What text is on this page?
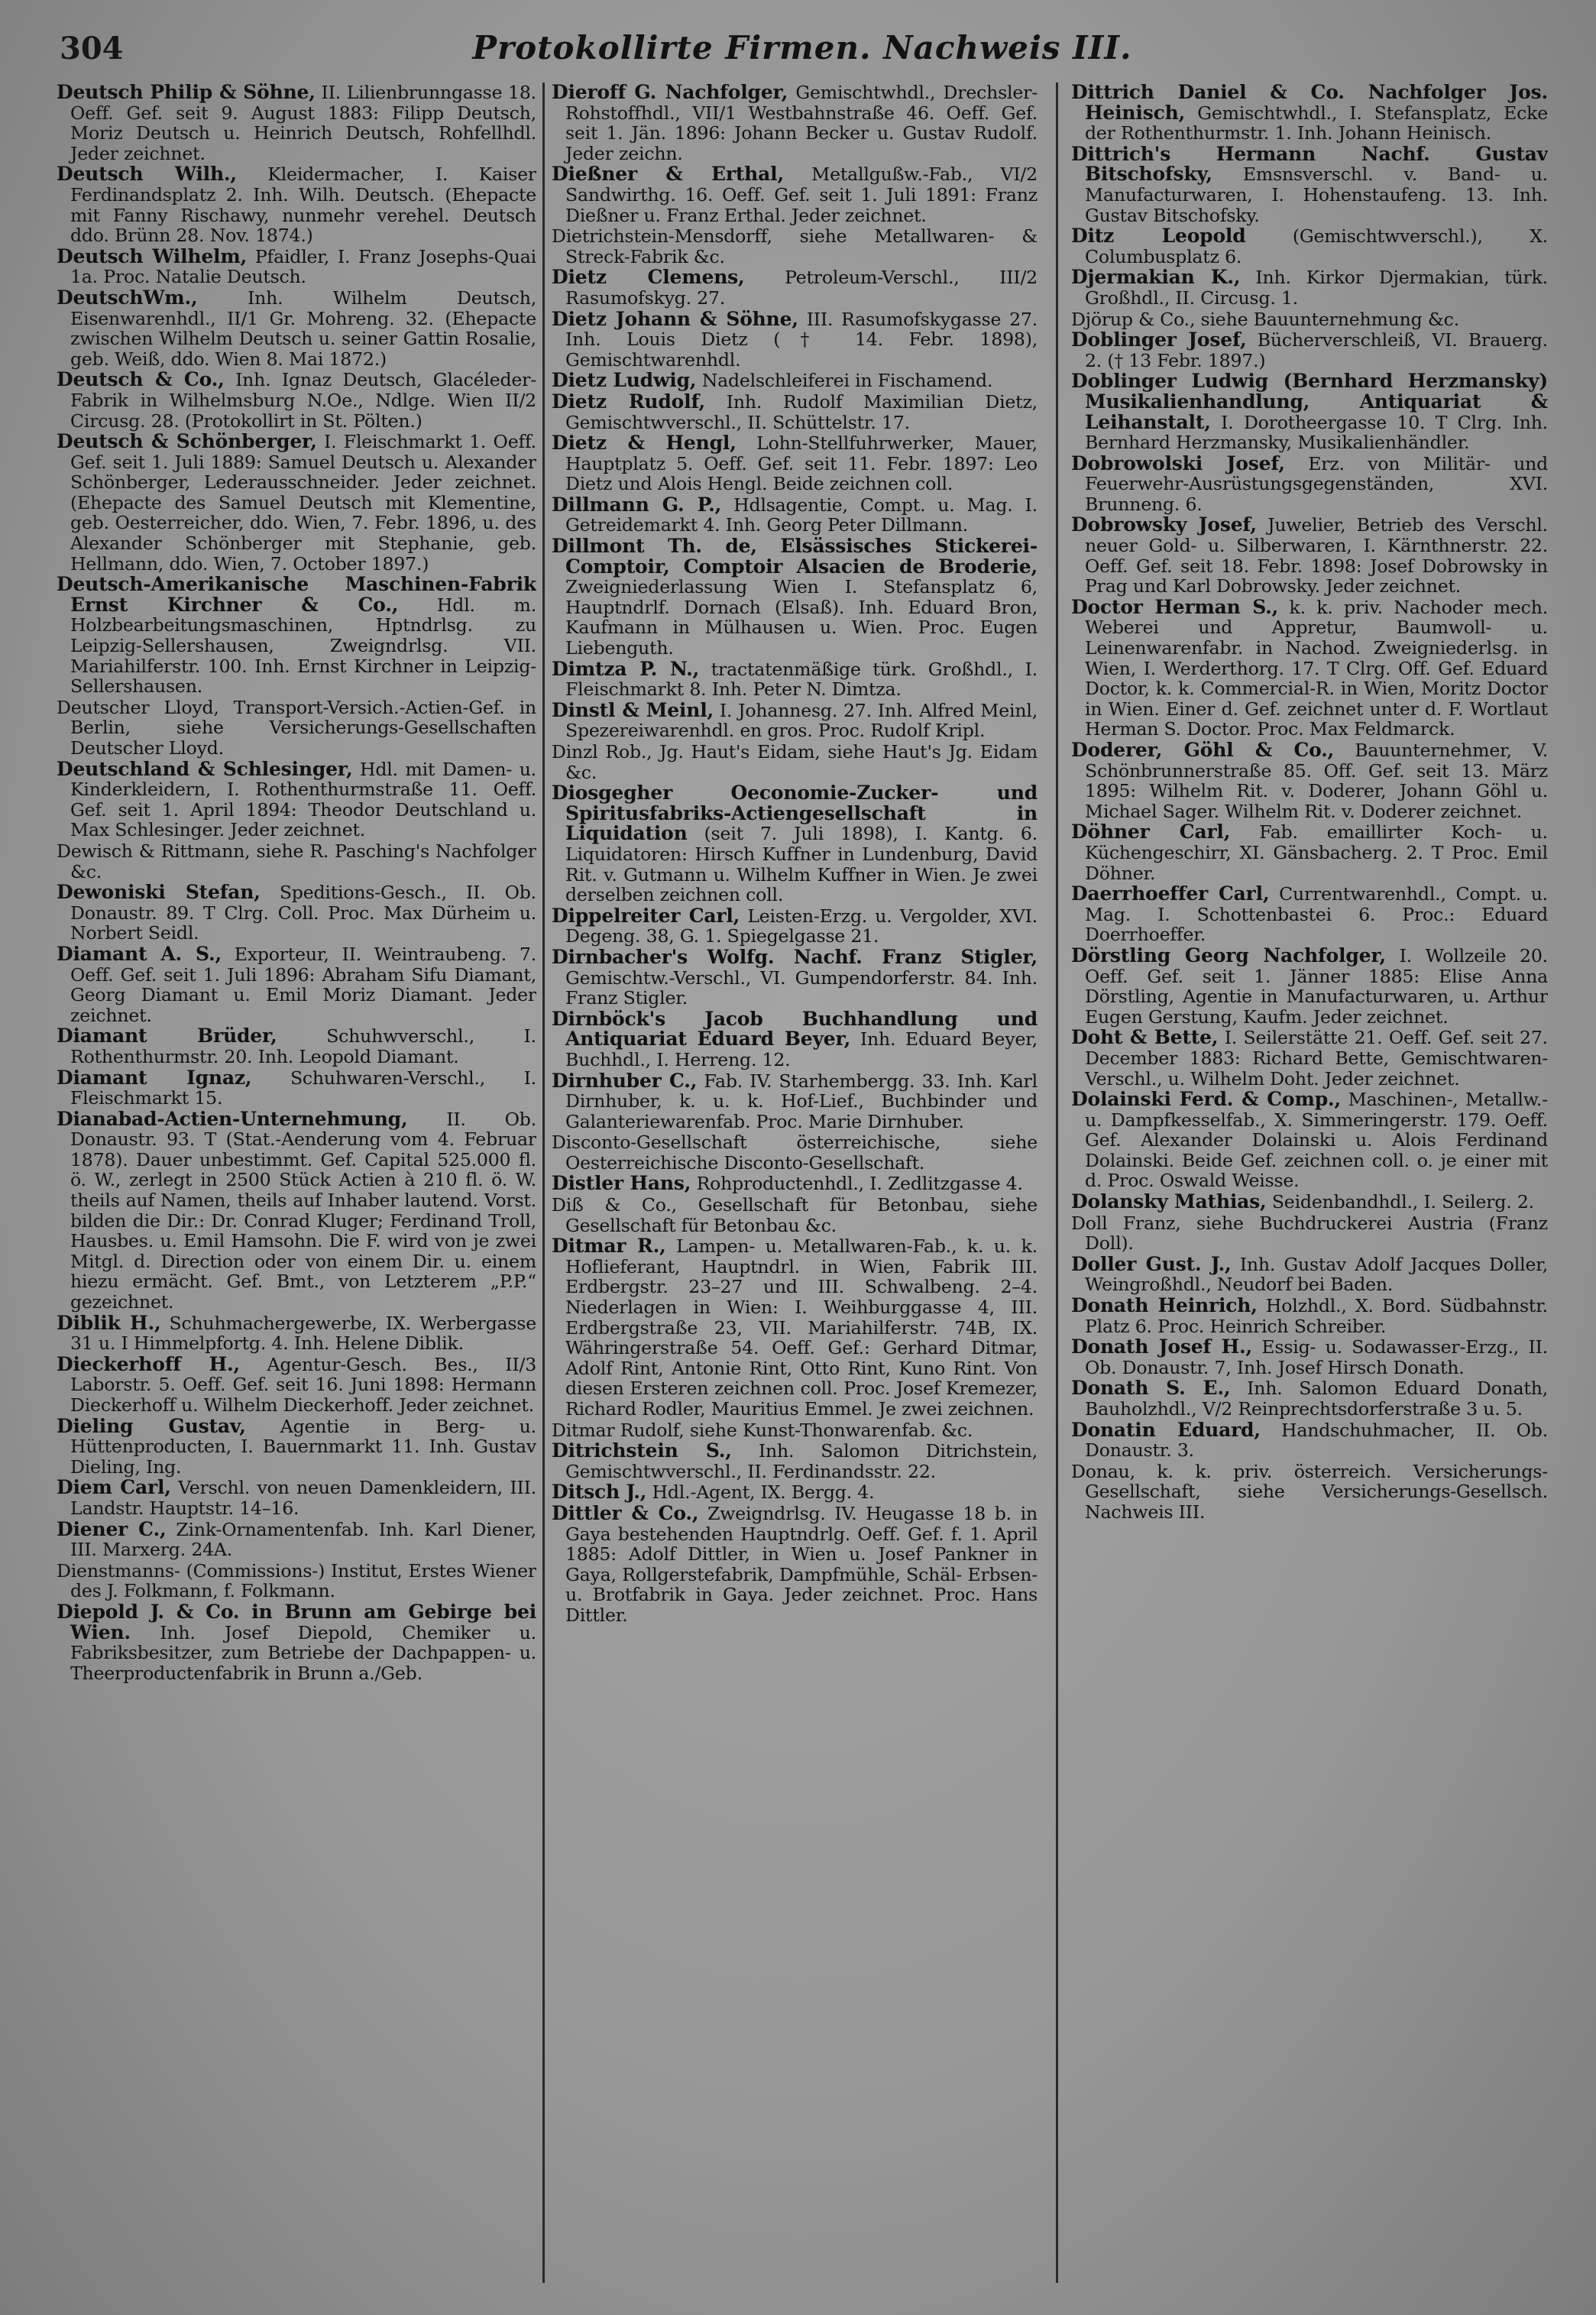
304	Protokollirte Firmen. Nachweis III.
Deutsch Philip & Söhne, II. Lilienbrunngasse 18. Oeff. Gef. seit 9. August 1883: Filipp Deutsch, Moriz Deutsch u. Heinrich Deutsch, Rohfellhdl. Jeder zeichnet.
Deutsch Wilh., Kleidermacher, I. Kaiser Ferdinandsplatz 2. Inh. Wilh. Deutsch. (Ehepacte mit Fanny Rischawy, nunmehr verehel. Deutsch ddo. Brünn 28. Nov. 1874.)
Deutsch Wilhelm, Pfaidler, I. Franz Josephs-Quai 1a. Proc. Natalie Deutsch.
DeutschWm.,	Inh. Wilhelm Deutsch, Eisenwarenhdl., II/1 Gr. Mohreng. 32. (Ehepacte zwischen Wilhelm Deutsch u. seiner Gattin Rosalie, geb. Weiß, ddo. Wien 8. Mai 1872.)
Deutsch & Co., Inh. Ignaz Deutsch, Glacéleder-Fabrik in Wilhelmsburg N.Oe., Ndlge. Wien II/2 Circusg. 28. (Protokollirt in St. Pölten.)
Deutsch & Schönberger, I. Fleischmarkt 1. Oeff. Gef. seit 1. Juli 1889: Samuel Deutsch u. Alexander Schönberger, Lederausschneider. Jeder zeichnet. (Ehepacte des Samuel Deutsch mit Klementine, geb. Oesterreicher, ddo. Wien, 7. Febr. 1896, u. des Alexander Schönberger mit Stephanie, geb. Hellmann, ddo. Wien, 7. October 1897.)
Deutsch-Amerikanische Maschinen-Fabrik Ernst Kirchner & Co., Hdl. m. Holzbearbeitungsmaschinen, Hptndrlsg. zu Leipzig-Sellershausen, Zweigndrlsg. VII. Mariahilferstr. 100. Inh. Ernst Kirchner in Leipzig-Sellershausen.
Deutscher Lloyd, Transport-Versich.-Actien-Gef. in Berlin, siehe Versicherungs-Gesellschaften Deutscher Lloyd.
Deutschland & Schlesinger, Hdl. mit Damen- u. Kinderkleidern, I. Rothenthurmstraße 11. Oeff. Gef. seit 1. April 1894: Theodor Deutschland u. Max Schlesinger. Jeder zeichnet.
Dewisch & Rittmann, siehe R. Pasching's Nachfolger &c.
Dewoniski Stefan, Speditions-Gesch., II. Ob. Donaustr. 89. T Clrg. Coll. Proc. Max Dürheim u. Norbert Seidl.
Diamant A. S., Exporteur, II. Weintraubeng. 7. Oeff. Gef. seit 1. Juli 1896: Abraham Sifu Diamant, Georg Diamant u. Emil Moriz Diamant. Jeder zeichnet.
Diamant Brüder,	Schuhwverschl., I. Rothenthurmstr. 20. Inh. Leopold Diamant.
Diamant Ignaz, Schuhwaren-Verschl., I. Fleischmarkt 15.
Dianabad-Actien-Unternehmung, II. Ob. Donaustr. 93. T (Stat.-Aenderung vom 4. Februar 1878). Dauer unbestimmt. Gef. Capital 525.000 fl. ö. W., zerlegt in 2500 Stück Actien à 210 fl. ö. W. theils auf Namen, theils auf Inhaber lautend. Vorst. bilden die Dir.: Dr. Conrad Kluger; Ferdinand Troll, Hausbes. u. Emil Hamsohn. Die F. wird von je zwei Mitgl. d. Direction oder von einem Dir. u. einem hiezu ermächt. Gef. Bmt., von Letzterem „P.P.“ gezeichnet.
Diblik H., Schuhmachergewerbe, IX. Werbergasse 31 u. I Himmelpfortg. 4. Inh. Helene Diblik.
Dieckerhoff H., Agentur-Gesch. Bes., II/3 Laborstr. 5. Oeff. Gef. seit 16. Juni 1898: Hermann Dieckerhoff u. Wilhelm Dieckerhoff. Jeder zeichnet.
Dieling Gustav, Agentie in Berg- u. Hüttenproducten, I. Bauernmarkt 11. Inh. Gustav Dieling, Ing.
Diem Carl, Verschl. von neuen Damenkleidern, III. Landstr. Hauptstr. 14–16.
Diener C., Zink-Ornamentenfab. Inh. Karl Diener, III. Marxerg. 24A.
Dienstmanns- (Commissions-) Institut, Erstes Wiener des J. Folkmann, f. Folkmann.
Diepold J. & Co. in Brunn am Gebirge bei Wien. Inh. Josef Diepold, Chemiker u. Fabriksbesitzer, zum Betriebe der Dachpappen- u. Theerproductenfabrik in Brunn a./Geb.
Dieroff G. Nachfolger, Gemischtwhdl., Drechsler-Rohstoffhdl., VII/1 Westbahnstraße 46. Oeff. Gef. seit 1. Jän. 1896: Johann Becker u. Gustav Rudolf. Jeder zeichn.
Dießner & Erthal, Metallgußw.-Fab., VI/2 Sandwirthg. 16. Oeff. Gef. seit 1. Juli 1891: Franz Dießner u. Franz Erthal. Jeder zeichnet.
Dietrichstein-Mensdorff, siehe Metallwaren- & Streck-Fabrik &c.
Dietz Clemens, Petroleum-Verschl., III/2 Rasumofskyg. 27.
Dietz Johann & Söhne, III. Rasumofskygasse 27. Inh. Louis Dietz († 14. Febr. 1898), Gemischtwarenhdl.
Dietz Ludwig, Nadelschleiferei in Fischamend.
Dietz Rudolf, Inh. Rudolf Maximilian Dietz, Gemischtwverschl., II. Schüttelstr. 17.
Dietz & Hengl, Lohn-Stellfuhrwerker, Mauer, Hauptplatz 5. Oeff. Gef. seit 11. Febr. 1897: Leo Dietz und Alois Hengl. Beide zeichnen coll.
Dillmann G. P., Hdlsagentie, Compt. u. Mag. I. Getreidemarkt 4. Inh. Georg Peter Dillmann.
Dillmont Th. de, Elsässisches Stickerei-Comptoir, Comptoir Alsacien de Broderie, Zweigniederlassung Wien I. Stefansplatz 6, Hauptndrlf. Dornach (Elsaß). Inh. Eduard Bron, Kaufmann in Mülhausen u. Wien. Proc. Eugen Liebenguth.
Dimtza P. N., tractatenmäßige türk. Großhdl., I. Fleischmarkt 8. Inh. Peter N. Dimtza.
Dinstl & Meinl, I. Johannesg. 27. Inh. Alfred Meinl, Spezereiwarenhdl. en gros. Proc. Rudolf Kripl.
Dinzl Rob., Jg. Haut's Eidam, siehe Haut's Jg. Eidam &c.
Diosgegher Oeconomie-Zucker- und Spiritusfabriks-Actiengesellschaft in Liquidation (seit 7. Juli 1898), I. Kantg. 6. Liquidatoren: Hirsch Kuffner in Lundenburg, David Rit. v. Gutmann u. Wilhelm Kuffner in Wien. Je zwei derselben zeichnen coll.
Dippelreiter Carl, Leisten-Erzg. u. Vergolder, XVI. Degeng. 38, G. 1. Spiegelgasse 21.
Dirnbacher's Wolfg. Nachf. Franz Stigler, Gemischtw.-Verschl., VI. Gumpendorferstr. 84. Inh. Franz Stigler.
Dirnböck's Jacob Buchhandlung und Antiquariat Eduard Beyer, Inh. Eduard Beyer, Buchhdl., I. Herreng. 12.
Dirnhuber C., Fab. IV. Starhembergg. 33. Inh. Karl Dirnhuber, k. u. k. Hof-Lief., Buchbinder und Galanteriewarenfab. Proc. Marie Dirnhuber.
Disconto-Gesellschaft österreichische, siehe Oesterreichische Disconto-Gesellschaft.
Distler Hans, Rohproductenhdl., I. Zedlitzgasse 4.
Diß & Co., Gesellschaft für Betonbau, siehe Gesellschaft für Betonbau &c.
Ditmar R., Lampen- u. Metallwaren-Fab., k. u. k. Hoflieferant, Hauptndrl. in Wien, Fabrik III. Erdbergstr. 23–27 und III. Schwalbeng. 2–4. Niederlagen in Wien: I. Weihburggasse 4, III. Erdbergstraße 23, VII. Mariahilferstr. 74B, IX. Währingerstraße 54. Oeff. Gef.: Gerhard Ditmar, Adolf Rint, Antonie Rint, Otto Rint, Kuno Rint. Von diesen Ersteren zeichnen coll. Proc. Josef Kremezer, Richard Rodler, Mauritius Emmel. Je zwei zeichnen.
Ditmar Rudolf, siehe Kunst-Thonwarenfab. &c.
Ditrichstein S., Inh. Salomon Ditrichstein, Gemischtwverschl., II. Ferdinandsstr. 22.
Ditsch J., Hdl.-Agent, IX. Bergg. 4.
Dittler & Co., Zweigndrlsg. IV. Heugasse 18 b. in Gaya bestehenden Hauptndrlg. Oeff. Gef. f. 1. April 1885: Adolf Dittler, in Wien u. Josef Pankner in Gaya, Rollgerstefabrik, Dampfmühle, Schäl- Erbsen- u. Brotfabrik in Gaya. Jeder zeichnet. Proc. Hans Dittler.
Dittrich Daniel & Co. Nachfolger Jos. Heinisch, Gemischtwhdl., I. Stefansplatz, Ecke der Rothenthurmstr. 1. Inh. Johann Heinisch.
Dittrich's Hermann Nachf. Gustav Bitschofsky, Emsnsverschl. v. Band- u. Manufacturwaren, I. Hohenstaufeng. 13. Inh. Gustav Bitschofsky.
Ditz Leopold	(Gemischtwverschl.), X. Columbusplatz 6.
Djermakian K., Inh. Kirkor Djermakian, türk. Großhdl., II. Circusg. 1.
Djörup & Co., siehe Bauunternehmung &c.
Doblinger Josef, Bücherverschleiß, VI. Brauerg. 2. († 13 Febr. 1897.)
Doblinger Ludwig (Bernhard Herzmansky) Musikalienhandlung, Antiquariat & Leihanstalt, I. Dorotheergasse 10. T Clrg. Inh. Bernhard Herzmansky, Musikalienhändler.
Dobrowolski Josef, Erz. von Militär- und Feuerwehr-Ausrüstungsgegenständen, XVI. Brunneng. 6.
Dobrowsky Josef, Juwelier, Betrieb des Verschl. neuer Gold- u. Silberwaren, I. Kärnthnerstr. 22. Oeff. Gef. seit 18. Febr. 1898: Josef Dobrowsky in Prag und Karl Dobrowsky. Jeder zeichnet.
Doctor Herman S., k. k. priv. Nachoder mech. Weberei und Appretur, Baumwoll- u. Leinenwarenfabr. in Nachod. Zweigniederlsg. in Wien, I. Werderthorg. 17. T Clrg. Off. Gef. Eduard Doctor, k. k. Commercial-R. in Wien, Moritz Doctor in Wien. Einer d. Gef. zeichnet unter d. F. Wortlaut Herman S. Doctor. Proc. Max Feldmarck.
Doderer, Göhl & Co., Bauunternehmer, V. Schönbrunnerstraße 85. Off. Gef. seit 13. März 1895: Wilhelm Rit. v. Doderer, Johann Göhl u. Michael Sager. Wilhelm Rit. v. Doderer zeichnet.
Döhner Carl, Fab. emaillirter Koch- u. Küchengeschirr, XI. Gänsbacherg. 2. T Proc. Emil Döhner.
Daerrhoeffer Carl, Currentwarenhdl., Compt. u. Mag. I. Schottenbastei 6. Proc.: Eduard Doerrhoeffer.
Dörstling Georg Nachfolger, I. Wollzeile 20. Oeff. Gef. seit 1. Jänner 1885: Elise Anna Dörstling, Agentie in Manufacturwaren, u. Arthur Eugen Gerstung, Kaufm. Jeder zeichnet.
Doht & Bette, I. Seilerstätte 21. Oeff. Gef. seit 27. December 1883: Richard Bette, Gemischtwaren-Verschl., u. Wilhelm Doht. Jeder zeichnet.
Dolainski Ferd. & Comp., Maschinen-, Metallw.- u. Dampfkesselfab., X. Simmeringerstr. 179. Oeff. Gef. Alexander Dolainski u. Alois Ferdinand Dolainski. Beide Gef. zeichnen coll. o. je einer mit d. Proc. Oswald Weisse.
Dolansky Mathias, Seidenbandhdl., I. Seilerg. 2.
Doll Franz, siehe Buchdruckerei Austria (Franz Doll).
Doller Gust. J., Inh. Gustav Adolf Jacques Doller, Weingroßhdl., Neudorf bei Baden.
Donath Heinrich, Holzhdl., X. Bord. Südbahnstr. Platz 6. Proc. Heinrich Schreiber.
Donath Josef H., Essig- u. Sodawasser-Erzg., II. Ob. Donaustr. 7, Inh. Josef Hirsch Donath.
Donath S. E., Inh. Salomon Eduard Donath, Bauholzhdl., V/2 Reinprechtsdorferstraße 3 u. 5.
Donatin Eduard, Handschuhmacher, II. Ob. Donaustr. 3.
Donau, k. k. priv. österreich. Versicherungs-Gesellschaft, siehe Versicherungs-Gesellsch. Nachweis III.
